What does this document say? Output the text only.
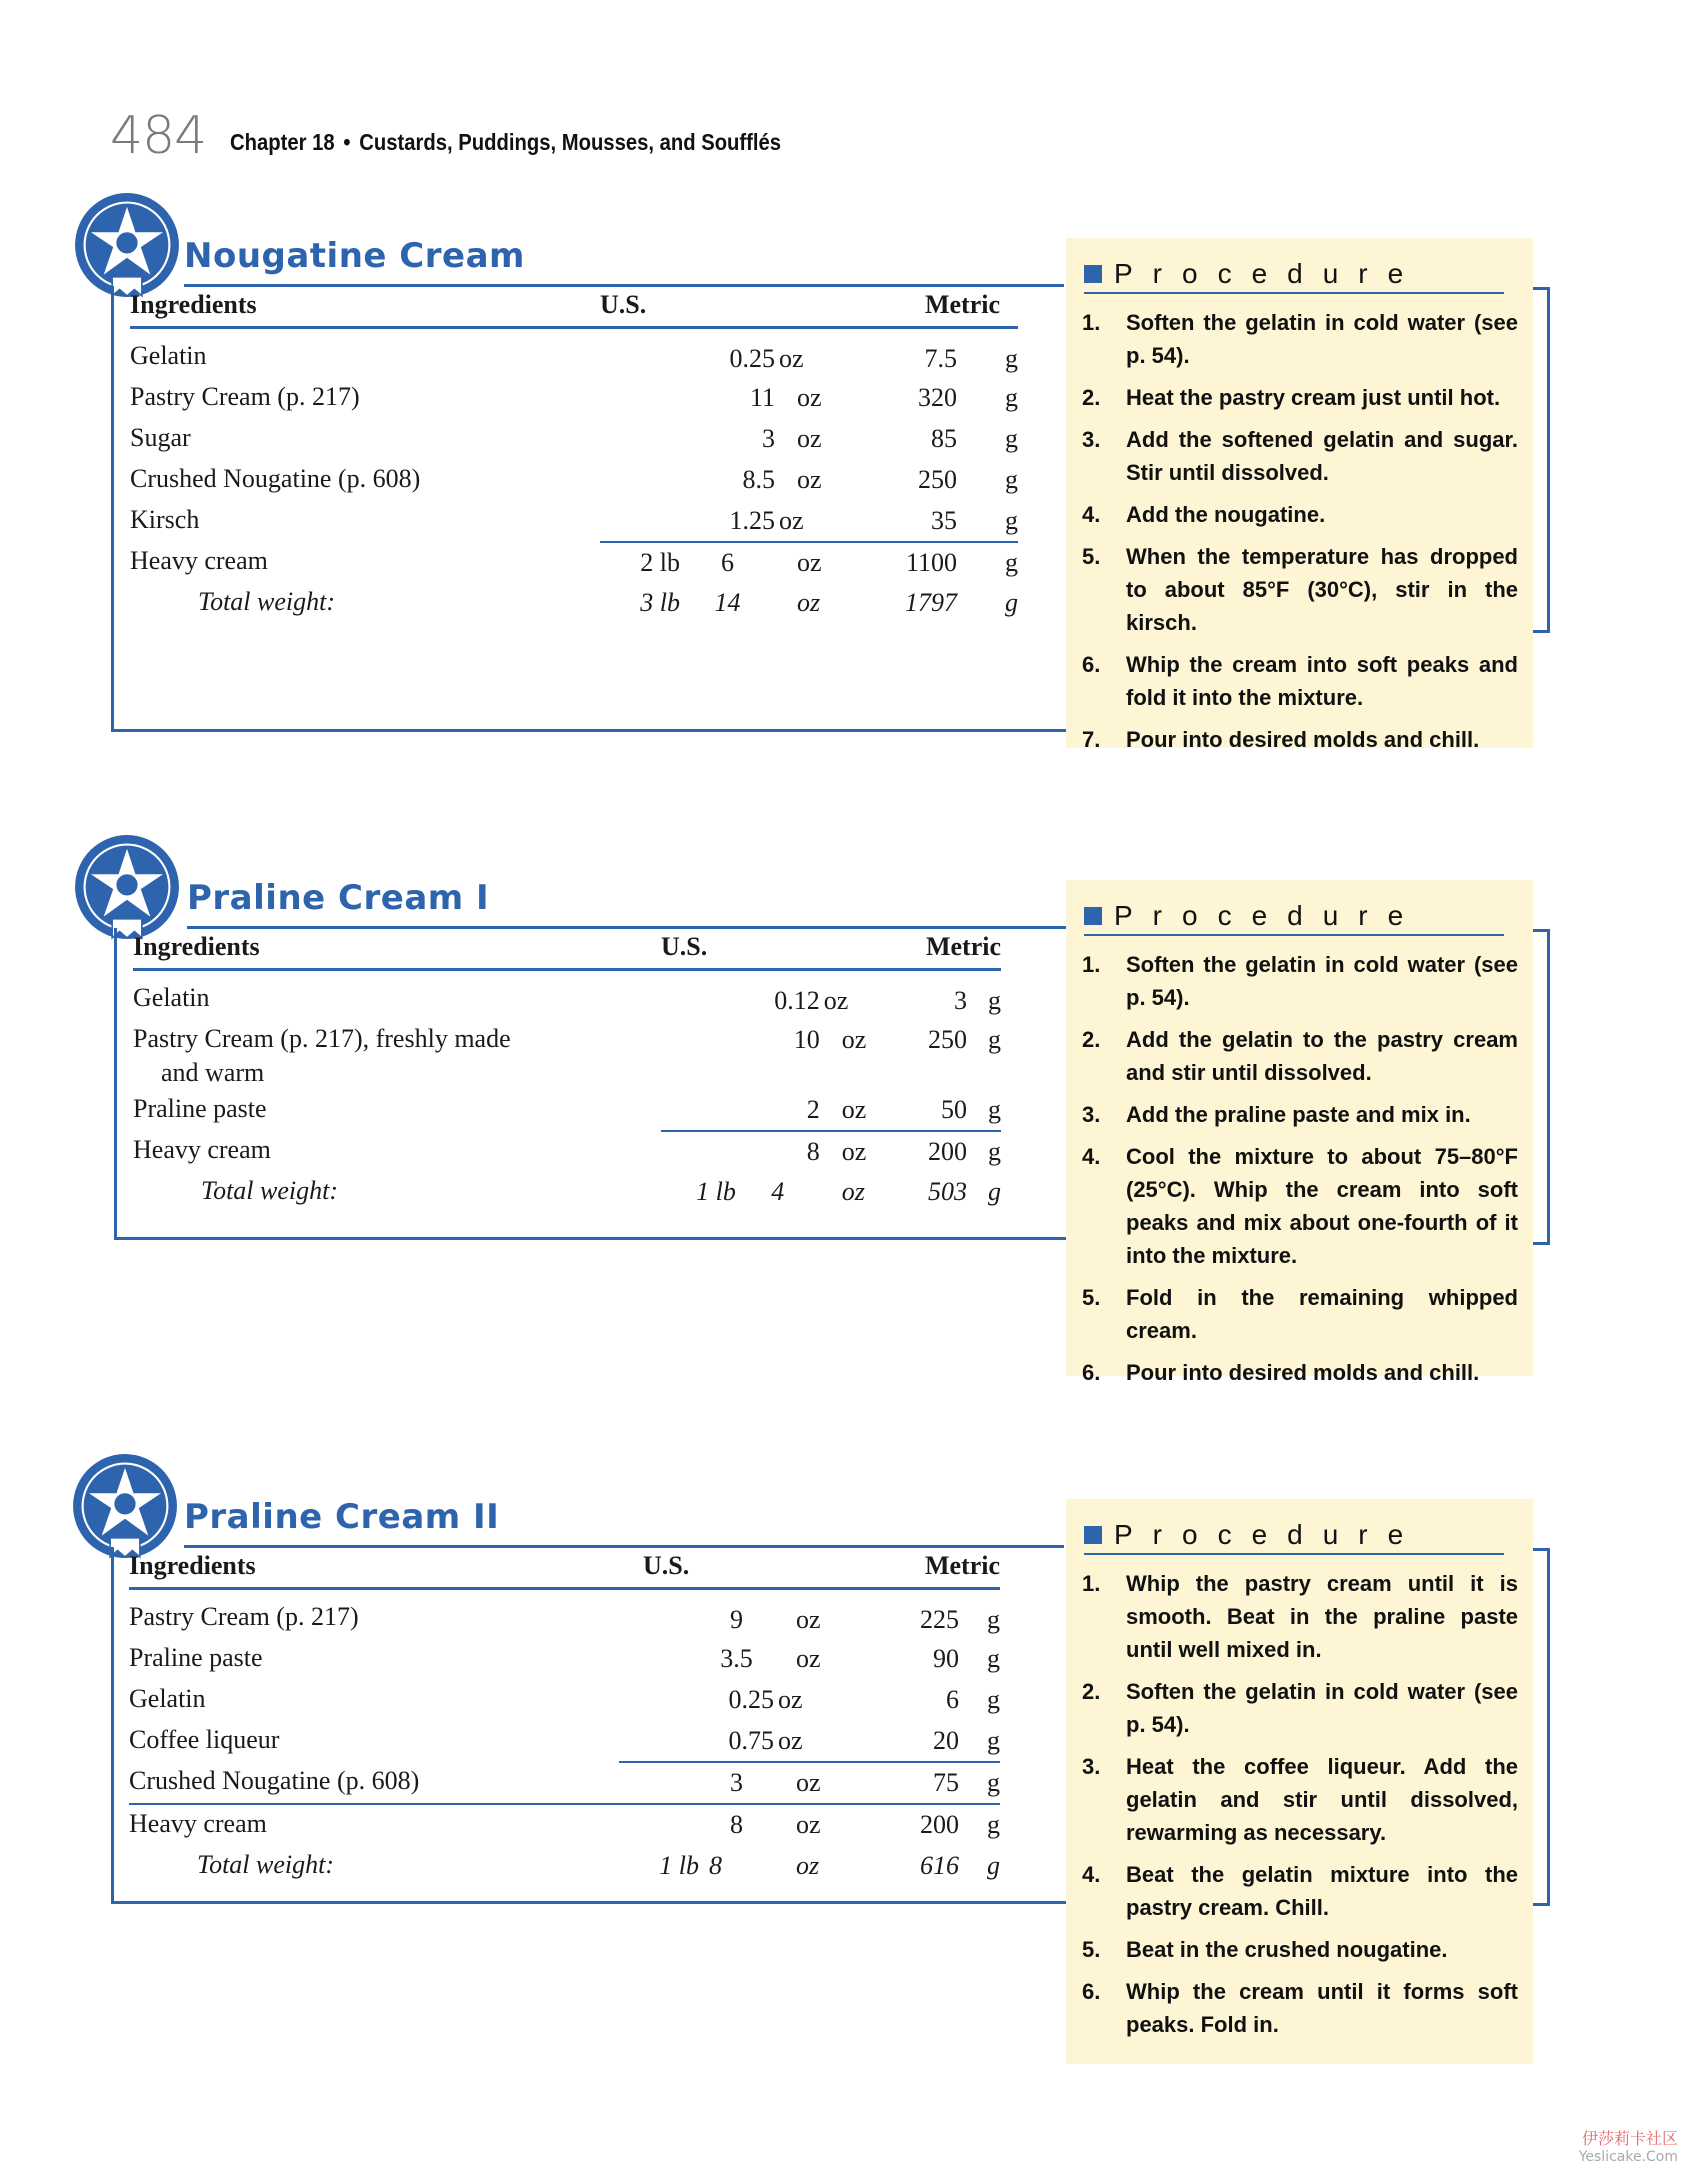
484 Chapter 18 • Custards, Puddings, Mousses, and Soufflés
Nougatine Cream
Ingredients	U.S.			Metric	
Gelatin		0.25	oz	7.5	g
Pastry Cream (p. 217)		11	oz	320	g
Sugar		3	oz	85	g
Crushed Nougatine (p. 608)		8.5	oz	250	g
Kirsch		1.25	oz	35	g
Heavy cream	2 lb	6	oz	1100	g
Total weight:	3 lb	14	oz	1797	g
Procedure
1.	Soften the gelatin in cold water (see p. 54).
2.	Heat the pastry cream just until hot.
3.	Add the softened gelatin and sugar. Stir until dissolved.
4.	Add the nougatine.
5.	When the temperature has dropped to about 85°F (30°C), stir in the kirsch.
6.	Whip the cream into soft peaks and fold it into the mixture.
7.	Pour into desired molds and chill.
Praline Cream I
Ingredients	U.S.			Metric	
Gelatin		0.12	oz	3	g

Pastry Cream (p. 217), freshly made and warm		10	oz	250	g
Praline paste		2	oz	50	g
Heavy cream		8	oz	200	g
Total weight:	1 lb	4	oz	503	g
Procedure
1.	Soften the gelatin in cold water (see p. 54).
2.	Add the gelatin to the pastry cream and stir until dissolved.
3.	Add the praline paste and mix in.
4.	Cool the mixture to about 75–80°F (25°C). Whip the cream into soft peaks and mix about one-fourth of it into the mixture.
5.	Fold in the remaining whipped cream.
6.	Pour into desired molds and chill.
Praline Cream II
Ingredients	U.S.			Metric	
Pastry Cream (p. 217)		9	oz	225	g
Praline paste		3.5	oz	90	g
Gelatin		0.25	oz	6	g
Coffee liqueur		0.75	oz	20	g
Crushed Nougatine (p. 608)		3	oz	75	g
Heavy cream		8	oz	200	g
Total weight:	1 lb	8	oz	616	g
Procedure
1.	Whip the pastry cream until it is smooth. Beat in the praline paste until well mixed in.
2.	Soften the gelatin in cold water (see p. 54).
3.	Heat the coffee liqueur. Add the gelatin and stir until dissolved, rewarming as necessary.
4.	Beat the gelatin mixture into the pastry cream. Chill.
5.	Beat in the crushed nougatine.
6.	Whip the cream until it forms soft peaks. Fold in.
伊莎莉卡社区
Yeslicake.Com
